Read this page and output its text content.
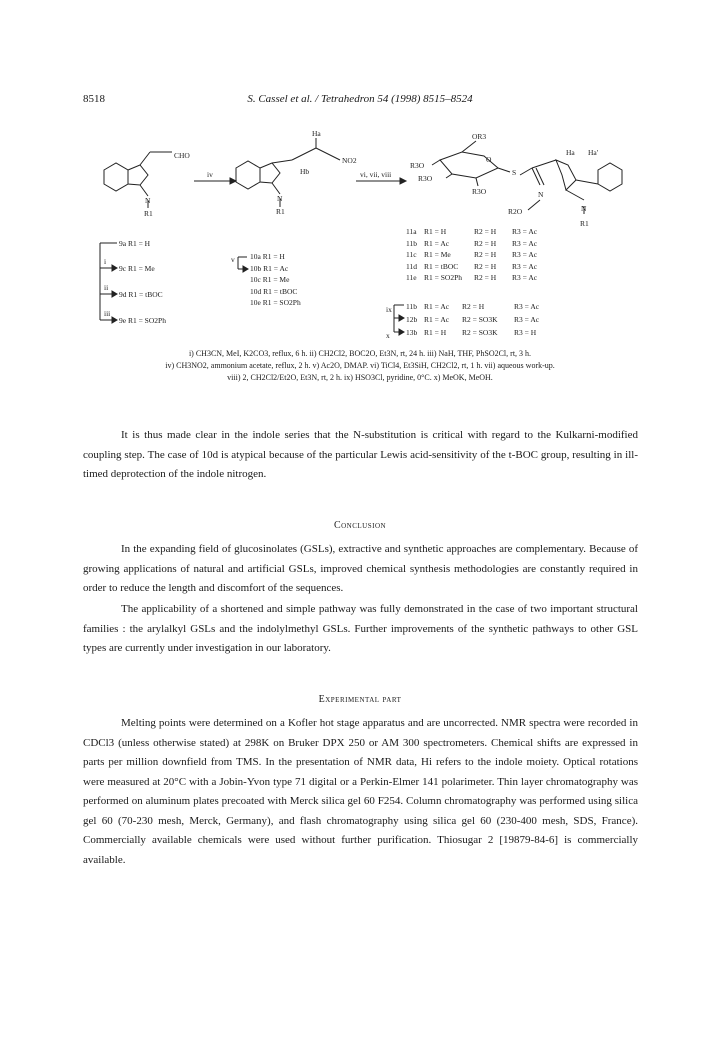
8518	S. Cassel et al. / Tetrahedron 54 (1998) 8515–8524
CHO
N
R1
iv
Ha
Hb
NO2
N
R1
vi, vii, viii
OR3
R3O
R3O
O
R3O
S
Ha Ha'
N
R2O	N
R1
i
ii
iii
v
ix
x
9a R1 = H
9c R1 = Me
9d R1 = tBOC
9e R1 = SO2Ph
10a R1 = H
10b R1 = Ac
10c R1 = Me
10d R1 = tBOC
10e R1 = SO2Ph
11a R1 = H	R2 = H R3 = Ac
11b R1 = Ac	R2 = H R3 = Ac
11c R1 = Me	R2 = H R3 = Ac
11d R1 = tBOC R2 = H R3 = Ac
11e R1 = SO2Ph R2 = H R3 = Ac
11b R1 = Ac R2 = H	R3 = Ac
12b R1 = Ac R2 = SO3K R3 = Ac
13b R1 = H R2 = SO3K R3 = H
i) CH3CN, MeI, K2CO3, reflux, 6 h. ii) CH2Cl2, BOC2O, Et3N, rt, 24 h. iii) NaH, THF, PhSO2Cl, rt, 3 h.
iv) CH3NO2, ammonium acetate, reflux, 2 h. v) Ac2O, DMAP. vi) TiCl4, Et3SiH, CH2Cl2, rt, 1 h. vii) aqueous work-up.
viii) 2, CH2Cl2/Et2O, Et3N, rt, 2 h. ix) HSO3Cl, pyridine, 0°C. x) MeOK, MeOH.
It is thus made clear in the indole series that the N-substitution is critical with regard to the Kulkarni-modified coupling step. The case of 10d is atypical because of the particular Lewis acid-sensitivity of the t-BOC group, resulting in ill-timed deprotection of the indole nitrogen.
Conclusion
In the expanding field of glucosinolates (GSLs), extractive and synthetic approaches are complementary. Because of growing applications of natural and artificial GSLs, improved chemical synthesis methodologies are constantly required in order to reduce the length and discomfort of the sequences.
The applicability of a shortened and simple pathway was fully demonstrated in the case of two important structural families : the arylalkyl GSLs and the indolylmethyl GSLs. Further improvements of the synthetic pathways to other GSL types are currently under investigation in our laboratory.
Experimental part
Melting points were determined on a Kofler hot stage apparatus and are uncorrected. NMR spectra were recorded in CDCl3 (unless otherwise stated) at 298K on Bruker DPX 250 or AM 300 spectrometers. Chemical shifts are expressed in parts per million downfield from TMS. In the presentation of NMR data, Hi refers to the indole moiety. Optical rotations were measured at 20°C with a Jobin-Yvon type 71 digital or a Perkin-Elmer 141 polarimeter. Thin layer chromatography was performed on aluminum plates precoated with Merck silica gel 60 F254. Column chromatography was performed using silica gel 60 (70-230 mesh, Merck, Germany), and flash chromatography using silica gel 60 (230-400 mesh, SDS, France). Commercially available chemicals were used without further purification. Thiosugar 2 [19879-84-6] is commercially available.
